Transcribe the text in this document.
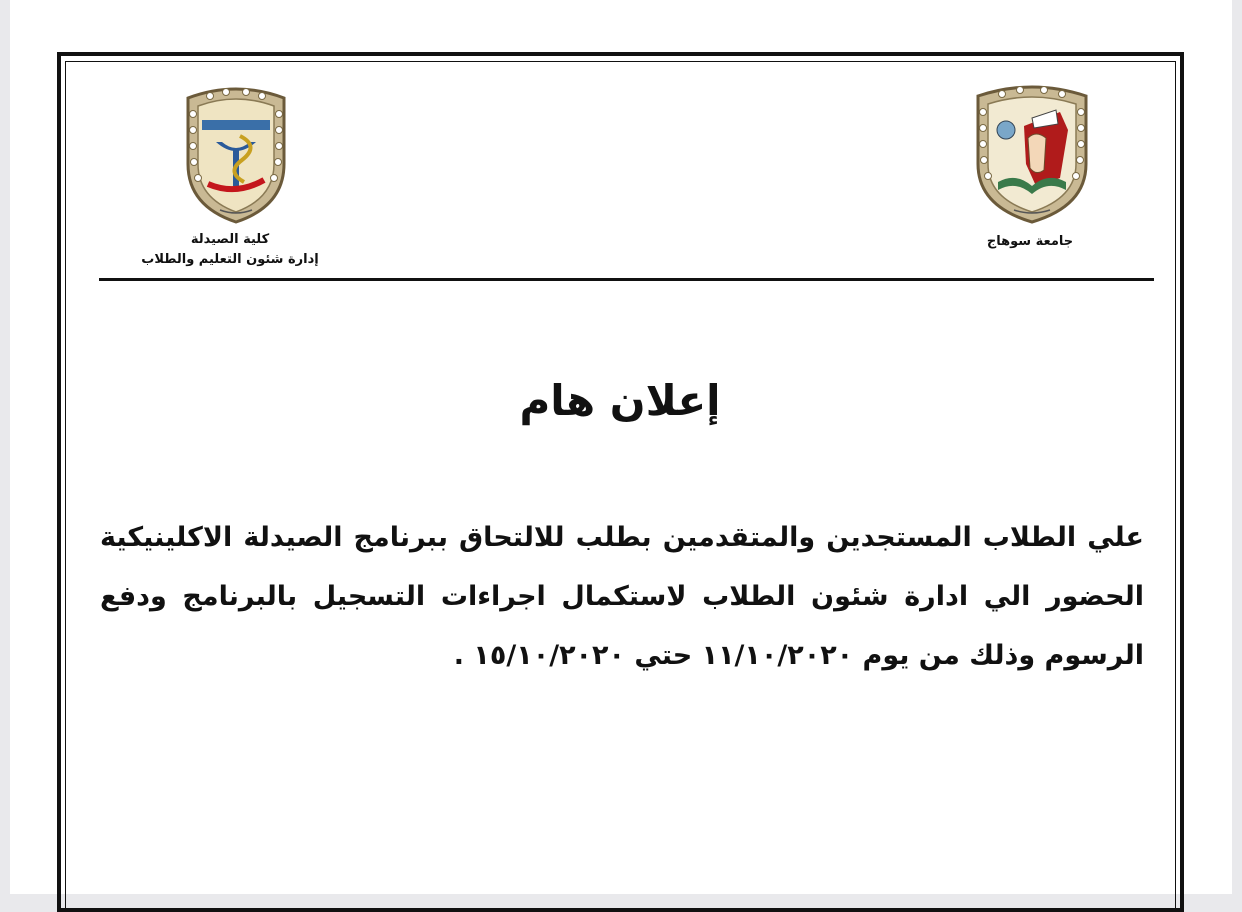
كلية الصيدلة
إدارة شئون التعليم والطلاب
جامعة سوهاج
إعلان هام
علي الطلاب المستجدين والمتقدمين بطلب للالتحاق ببرنامج الصيدلة الاكلينيكية الحضور الي ادارة شئون الطلاب لاستكمال اجراءات التسجيل بالبرنامج ودفع الرسوم وذلك من يوم ١١/١٠/٢٠٢٠ حتي ١٥/١٠/٢٠٢٠ .
